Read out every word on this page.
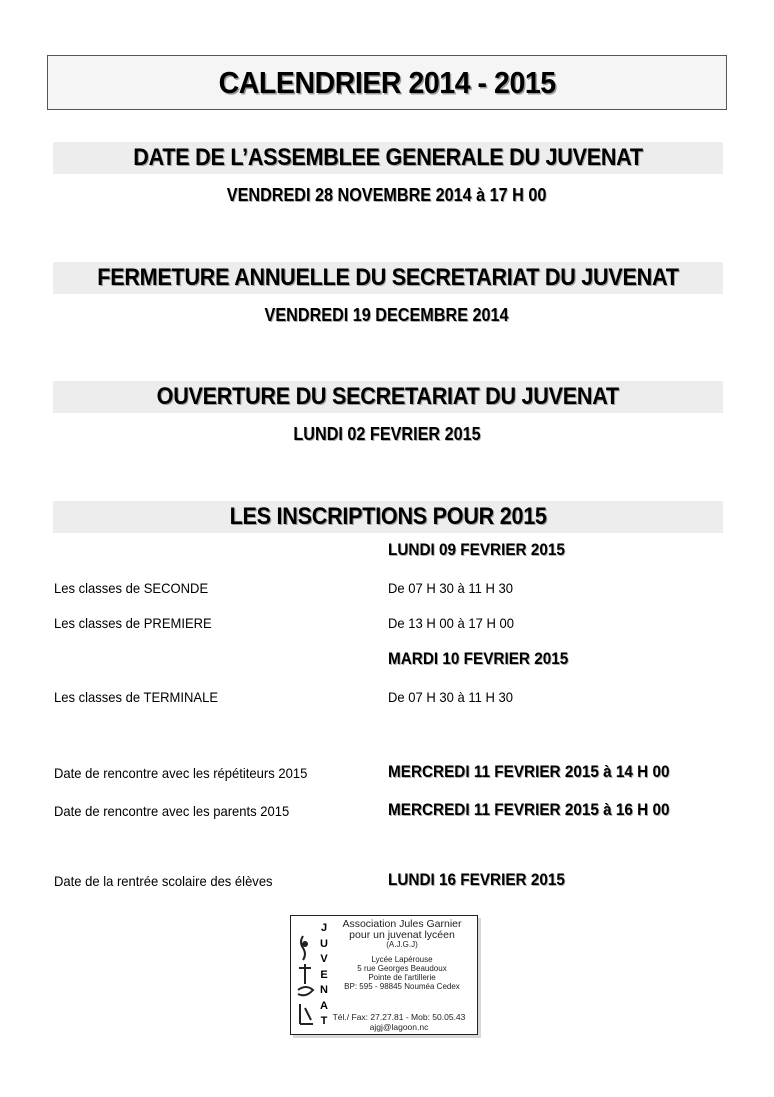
CALENDRIER 2014 - 2015
DATE DE L’ASSEMBLEE GENERALE DU JUVENAT
VENDREDI 28 NOVEMBRE 2014 à 17 H 00
FERMETURE ANNUELLE DU SECRETARIAT DU JUVENAT
VENDREDI 19 DECEMBRE 2014
OUVERTURE DU SECRETARIAT DU JUVENAT
LUNDI 02 FEVRIER 2015
LES INSCRIPTIONS POUR 2015
LUNDI 09 FEVRIER 2015
Les classes de SECONDE	De 07 H 30 à 11 H 30
Les classes de PREMIERE	De 13 H 00 à 17 H 00
MARDI 10 FEVRIER 2015
Les classes de TERMINALE	De 07 H 30 à 11 H 30
Date de rencontre avec les répétiteurs 2015	MERCREDI 11 FEVRIER 2015 à 14 H 00
Date de rencontre avec les parents 2015	MERCREDI 11 FEVRIER 2015 à 16 H 00
Date de la rentrée scolaire des élèves	LUNDI 16 FEVRIER 2015
J
U
V
E
N
A
T
Association Jules Garnier
pour un juvenat lycéen
(A.J.G.J)
Lycée Lapérouse
5 rue Georges Beaudoux
Pointe de l'artillerie
BP: 595 - 98845 Nouméa Cedex
Tél./ Fax: 27.27.81 - Mob: 50.05.43
ajgj@lagoon.nc
